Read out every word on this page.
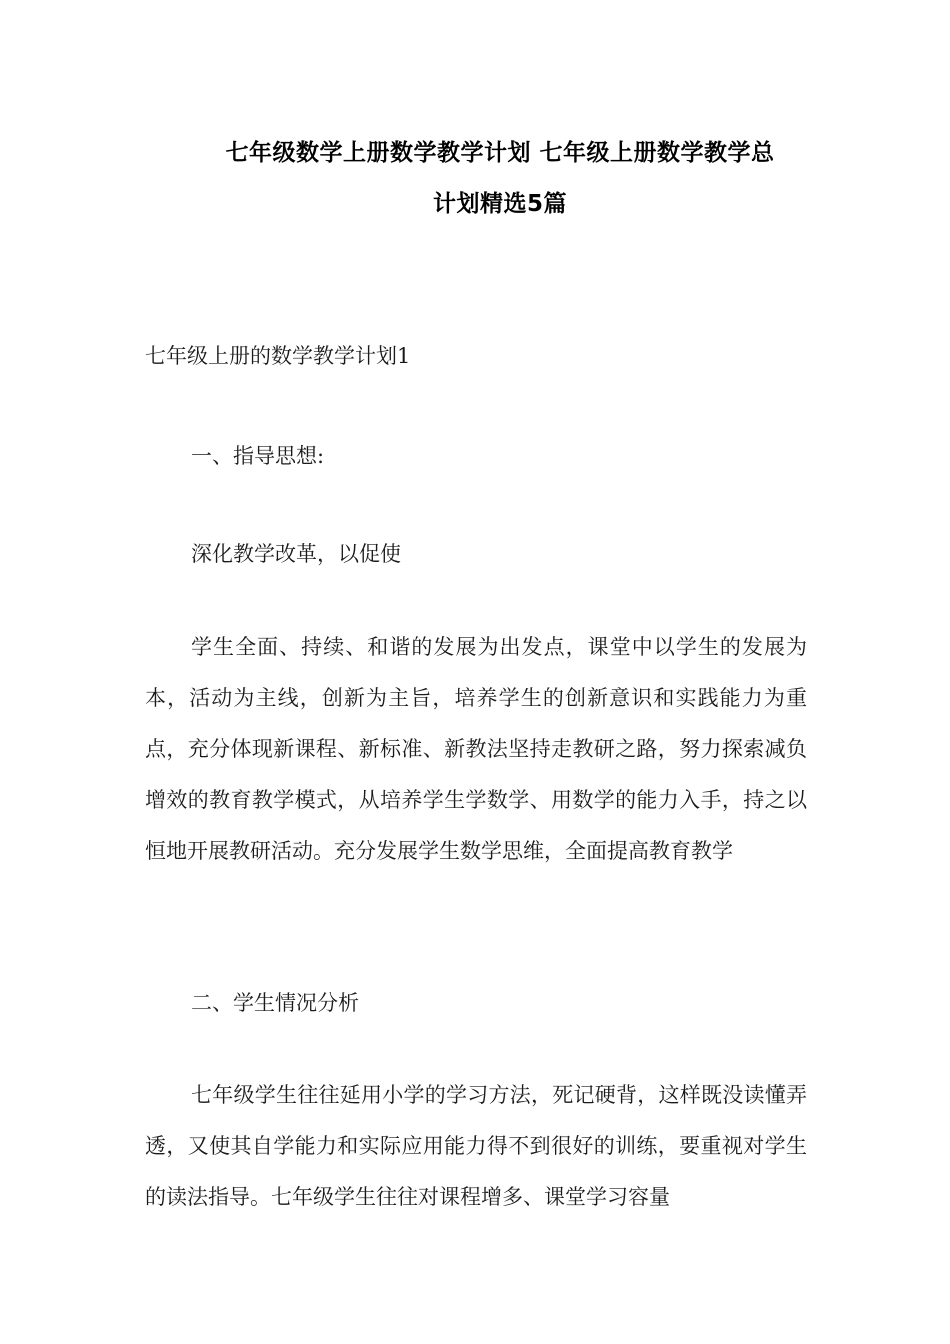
七年级数学上册数学教学计划 七年级上册数学教学总
计划精选5篇
七年级上册的数学教学计划1
一、指导思想:
深化教学改革，以促使
学生全面、持续、和谐的发展为出发点，课堂中以学生的发展为本，活动为主线，创新为主旨，培养学生的创新意识和实践能力为重点，充分体现新课程、新标准、新教法坚持走教研之路，努力探索减负增效的教育教学模式，从培养学生学数学、用数学的能力入手，持之以恒地开展教研活动。充分发展学生数学思维，全面提高教育教学
二、学生情况分析
七年级学生往往延用小学的学习方法，死记硬背，这样既没读懂弄透，又使其自学能力和实际应用能力得不到很好的训练，要重视对学生的读法指导。七年级学生往往对课程增多、课堂学习容量
